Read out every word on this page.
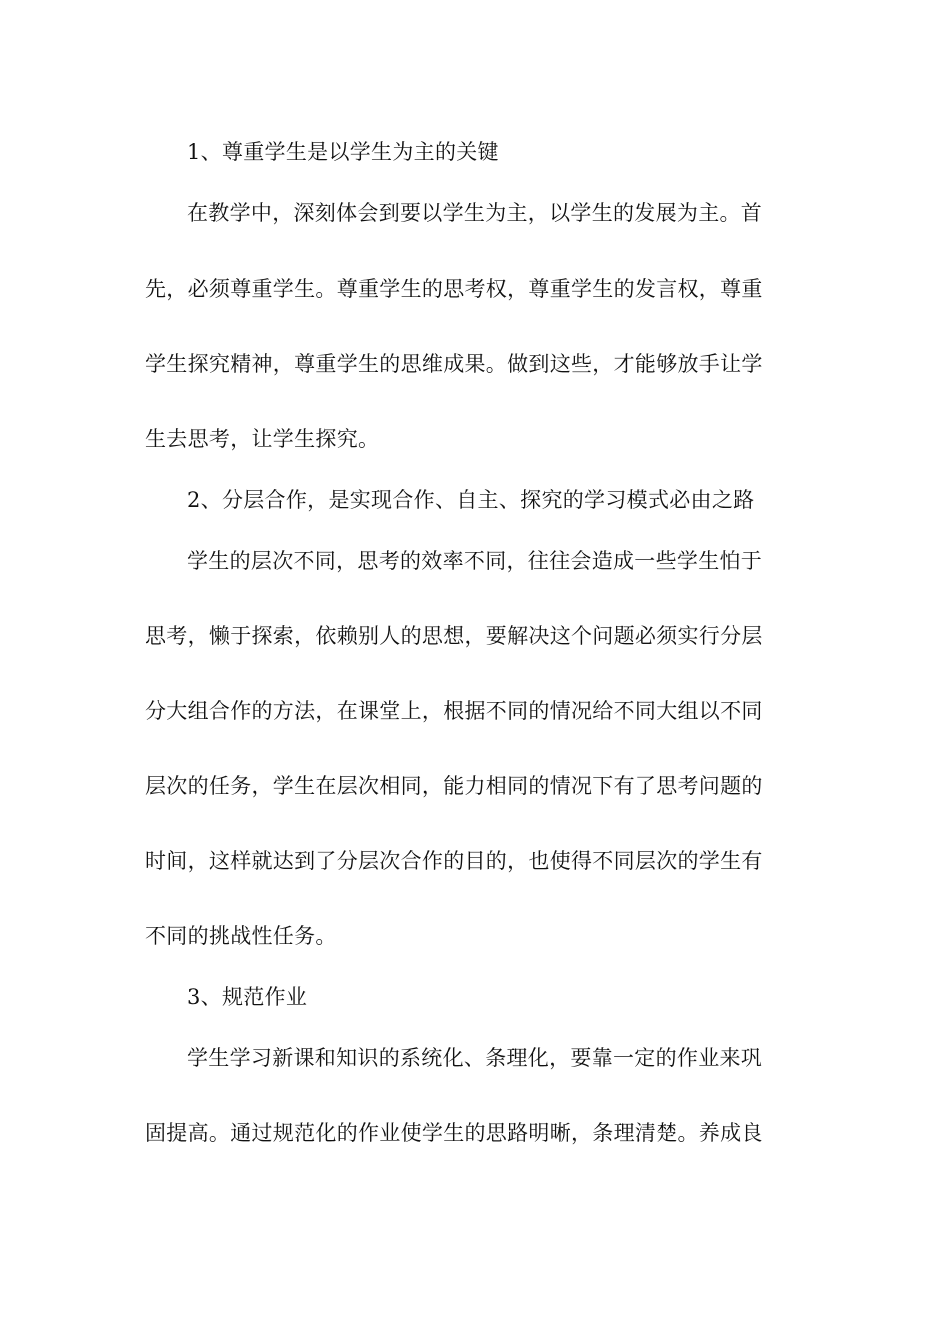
1、尊重学生是以学生为主的关键
在教学中，深刻体会到要以学生为主，以学生的发展为主。首
先，必须尊重学生。尊重学生的思考权，尊重学生的发言权，尊重
学生探究精神，尊重学生的思维成果。做到这些，才能够放手让学
生去思考，让学生探究。
2、分层合作，是实现合作、自主、探究的学习模式必由之路
学生的层次不同，思考的效率不同，往往会造成一些学生怕于
思考，懒于探索，依赖别人的思想，要解决这个问题必须实行分层
分大组合作的方法，在课堂上，根据不同的情况给不同大组以不同
层次的任务，学生在层次相同，能力相同的情况下有了思考问题的
时间，这样就达到了分层次合作的目的，也使得不同层次的学生有
不同的挑战性任务。
3、规范作业
学生学习新课和知识的系统化、条理化，要靠一定的作业来巩
固提高。通过规范化的作业使学生的思路明晰，条理清楚。养成良
